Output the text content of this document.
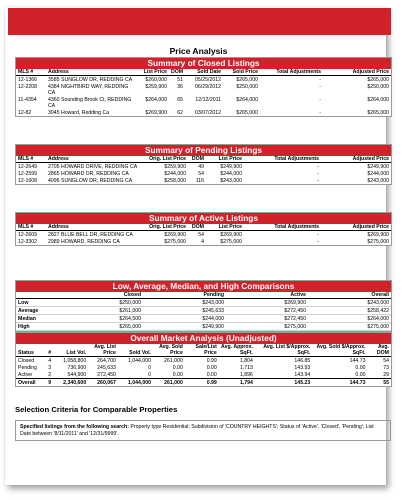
Price Analysis
Summary of Closed Listings
MLS #	Address	List Price	DOM	Sold Date	Sold Price	Total Adjustments	Adjusted Price
12-1366	3585 SUNGLOW DR, REDDING CA	$260,000	51	05/25/2012	$265,000	-	$265,000
12-2208	4384 NIGHTBIRD WAY, REDDING CA	$259,900	36	06/29/2012	$250,000	-	$250,000
11-4354	4360 Sounding Brook Ct, REDDING CA	$264,000	65	12/12/2011	$264,000	-	$264,000
12-82	3045 Howard, Redding Ca	$269,900	62	03/07/2012	$265,000	-	$265,000
Summary of Pending Listings
MLS #	Address	Orig. List Price	DOM	List Price	Total Adjustments	Adjusted Price
12-2649	2705 HOWARD DRIVE, REDDING CA	$259,900	49	$249,900	-	$249,900
12-2599	2865 HOWARD DR, REDDING CA	$244,000	54	$244,000	-	$244,000
12-1608	4096 SUNGLOW DR, REDDING CA	$258,000	116	$243,000	-	$243,000
Summary of Active Listings
MLS #	Address	Orig. List Price	DOM	List Price	Total Adjustments	Adjusted Price
12-2609	2827 BLUE BELL DR, REDDING CA	$269,900	54	$269,900	-	$269,900
12-3302	2989 HOWARD, REDDING CA	$275,000	4	$275,000	-	$275,000
Low, Average, Median, and High Comparisons
	Closed	Pending	Active	Overall
Low	$250,000	$243,000	$269,900	$243,000
Average	$261,000	$245,633	$272,450	$258,422
Median	$264,500	$244,000	$272,450	$264,000
High	$265,000	$249,900	$275,000	$275,000
Overall Market Analysis (Unadjusted)
Status	#	List Vol.	Avg. List Price	Sold Vol.	Avg. Sold Price	Sale/List Price	Avg. Approx. SqFt.	Avg. List $/Approx. SqFt.	Avg. Sold $/Approx. SqFt.	Avg. DOM
Closed	4	1,058,800	264,700	1,044,000	261,000	0.99	1,804	146.85	144.73	54
Pending	3	736,900	245,633	0	0.00	0.00	1,713	143.93	0.00	73
Active	2	544,900	272,450	0	0.00	0.00	1,896	143.94	0.00	29
Overall	9	2,340,600	260,067	1,044,000	261,000	0.99	1,794	145.23	144.73	55
Selection Criteria for Comparable Properties
Specified listings from the following search: Property type Residential; Subdivision of 'COUNTRY HEIGHTS'; Status of 'Active', 'Closed', 'Pending'; List Date between '8/11/2011' and '12/31/9999'.
